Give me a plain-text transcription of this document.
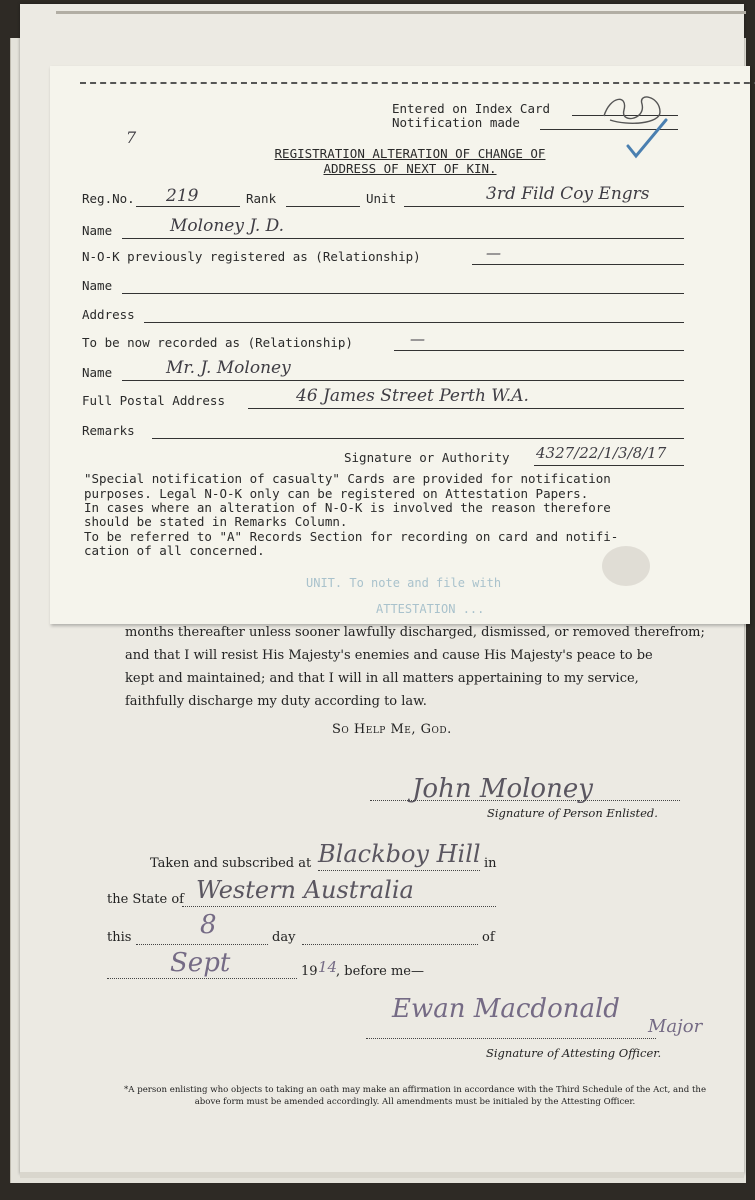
Entered on Index Card
Notification made
7
REGISTRATION ALTERATION OF CHANGE OF
ADDRESS OF NEXT OF KIN.
Reg.No. 219	Rank	Unit	3rd Fild Coy Engrs
Name	Moloney J. D.
N-O-K previously registered as (Relationship)	—
Name
Address
To be now recorded as (Relationship)	—
Name	Mr. J. Moloney
Full Postal Address	46 James Street Perth W.A.
Remarks
Signature or Authority 4327/22/1/3/8/17
"Special notification of casualty" Cards are provided for notification
purposes. Legal N-O-K only can be registered on Attestation Papers.
In cases where an alteration of N-O-K is involved the reason therefore
should be stated in Remarks Column.
To be referred to "A" Records Section for recording on card and notifi-
cation of all concerned.
UNIT. To note and file with
ATTESTATION ...

months thereafter unless sooner lawfully discharged, dismissed, or removed therefrom;

and that I will resist His Majesty's enemies and cause His Majesty's peace to be

kept and maintained; and that I will in all matters appertaining to my service,

faithfully discharge my duty according to law.

So Help Me, God.
John Moloney
Signature of Person Enlisted.
Taken and subscribed at Blackboy Hill in
the State of Western Australia
this	8	day	of
Sept	19 14
, before me—
Ewan Macdonald
Major
Signature of Attesting Officer.
*A person enlisting who objects to taking an oath may make an affirmation in accordance with the Third Schedule of the Act, and the above form must be amended accordingly. All amendments must be initialed by the Attesting Officer.
